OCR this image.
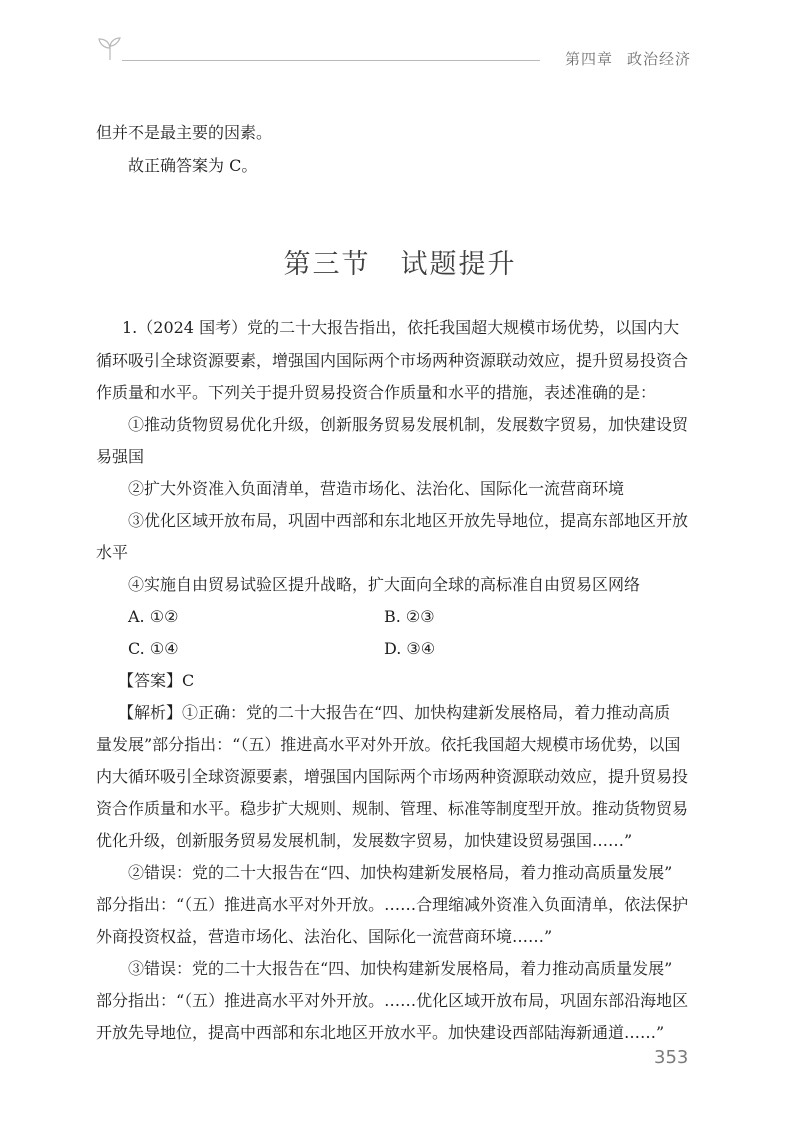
第四章 政治经济
但并不是最主要的因素。
故正确答案为 C。
第三节 试题提升
1.（2024 国考）党的二十大报告指出，依托我国超大规模市场优势，以国内大
循环吸引全球资源要素，增强国内国际两个市场两种资源联动效应，提升贸易投资合
作质量和水平。下列关于提升贸易投资合作质量和水平的措施，表述准确的是：
①推动货物贸易优化升级，创新服务贸易发展机制，发展数字贸易，加快建设贸
易强国
②扩大外资准入负面清单，营造市场化、法治化、国际化一流营商环境
③优化区域开放布局，巩固中西部和东北地区开放先导地位，提高东部地区开放
水平
④实施自由贸易试验区提升战略，扩大面向全球的高标准自由贸易区网络
A. ①②	B. ②③
C. ①④	D. ③④
【答案】C
【解析】①正确：党的二十大报告在“四、加快构建新发展格局，着力推动高质
量发展”部分指出：“（五）推进高水平对外开放。依托我国超大规模市场优势，以国
内大循环吸引全球资源要素，增强国内国际两个市场两种资源联动效应，提升贸易投
资合作质量和水平。稳步扩大规则、规制、管理、标准等制度型开放。推动货物贸易
优化升级，创新服务贸易发展机制，发展数字贸易，加快建设贸易强国……”
②错误：党的二十大报告在“四、加快构建新发展格局，着力推动高质量发展”
部分指出：“（五）推进高水平对外开放。……合理缩减外资准入负面清单，依法保护
外商投资权益，营造市场化、法治化、国际化一流营商环境……”
③错误：党的二十大报告在“四、加快构建新发展格局，着力推动高质量发展”
部分指出：“（五）推进高水平对外开放。……优化区域开放布局，巩固东部沿海地区
开放先导地位，提高中西部和东北地区开放水平。加快建设西部陆海新通道……”
353
